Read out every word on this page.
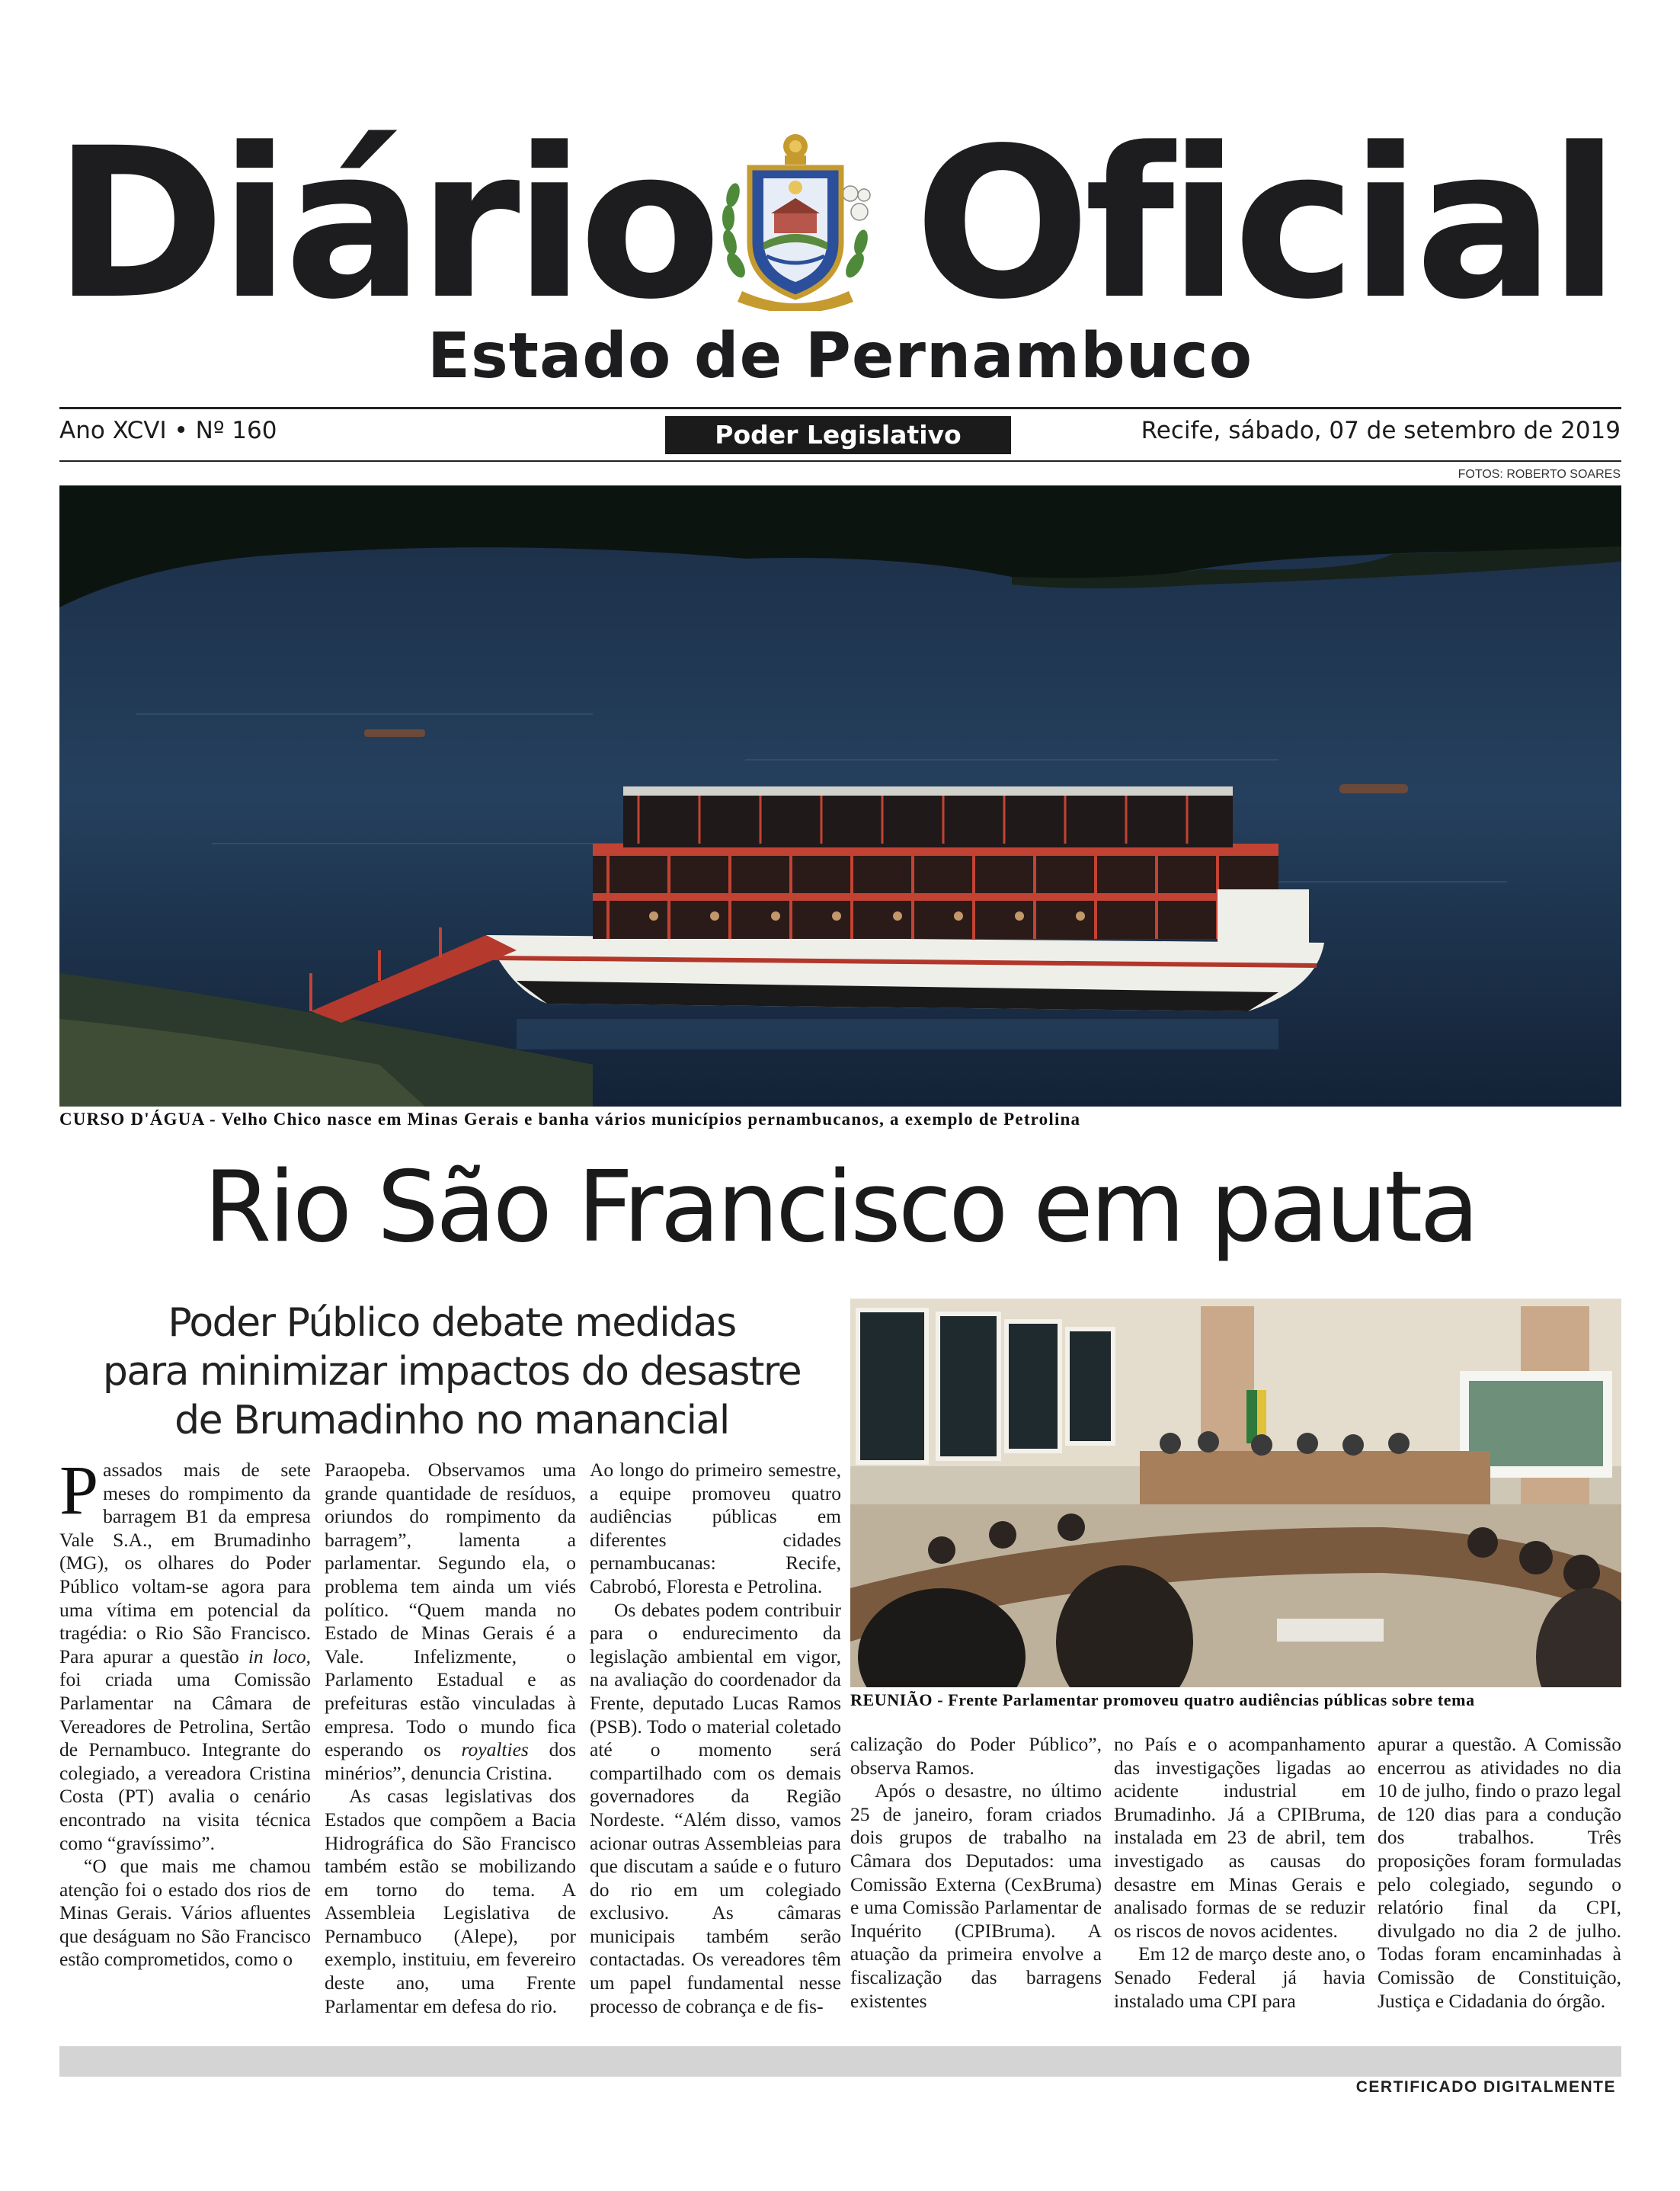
Diário Oficial
Estado de Pernambuco
Ano XCVI • Nº 160	Poder Legislativo	Recife, sábado, 07 de setembro de 2019
FOTOS: ROBERTO SOARES
CURSO D'ÁGUA - Velho Chico nasce em Minas Gerais e banha vários municípios pernambucanos, a exemplo de Petrolina
Rio São Francisco em pauta
Poder Público debate medidas
para minimizar impactos do desastre
de Brumadinho no manancial
REUNIÃO - Frente Parlamentar promoveu quatro audiências públicas sobre tema

Passados mais de sete meses do rompimento da barragem B1 da empresa Vale S.A., em Brumadinho (MG), os olhares do Poder Público voltam-se agora para uma vítima em potencial da tragédia: o Rio São Francisco. Para apurar a questão in loco, foi criada uma Comissão Parlamentar na Câmara de Vereadores de Petrolina, Sertão de Pernambuco. Integrante do colegiado, a vereadora Cristina Costa (PT) avalia o cenário encontrado na visita técnica como “gravíssimo”.

“O que mais me chamou atenção foi o estado dos rios de Minas Gerais. Vários afluentes que deságuam no São Francisco estão comprometidos, como o

Paraopeba. Observamos uma grande quantidade de resíduos, oriundos do rompimento da barragem”, lamenta a parlamentar. Segundo ela, o problema tem ainda um viés político. “Quem manda no Estado de Minas Gerais é a Vale. Infelizmente, o Parlamento Estadual e as prefeituras estão vinculadas à empresa. Todo o mundo fica esperando os royalties dos minérios”, denuncia Cristina.

As casas legislativas dos Estados que compõem a Bacia Hidrográfica do São Francisco também estão se mobilizando em torno do tema. A Assembleia Legislativa de Pernambuco (Alepe), por exemplo, instituiu, em fevereiro deste ano, uma Frente Parlamentar em defesa do rio.

Ao longo do primeiro semestre, a equipe promoveu quatro audiências públicas em diferentes cidades pernambucanas: Recife, Cabrobó, Floresta e Petrolina.

Os debates podem contribuir para o endurecimento da legislação ambiental em vigor, na avaliação do coordenador da Frente, deputado Lucas Ramos (PSB). Todo o material coletado até o momento será compartilhado com os demais governadores da Região Nordeste. “Além disso, vamos acionar outras Assembleias para que discutam a saúde e o futuro do rio em um colegiado exclusivo. As câmaras municipais também serão contactadas. Os vereadores têm um papel fundamental nesse processo de cobrança e de fis-

calização do Poder Público”, observa Ramos.

Após o desastre, no último 25 de janeiro, foram criados dois grupos de trabalho na Câmara dos Deputados: uma Comissão Externa (CexBruma) e uma Comissão Parlamentar de Inquérito (CPIBruma). A atuação da primeira envolve a fiscalização das barragens existentes

no País e o acompanhamento das investigações ligadas ao acidente industrial em Brumadinho. Já a CPIBruma, instalada em 23 de abril, tem investigado as causas do desastre em Minas Gerais e analisado formas de se reduzir os riscos de novos acidentes.

Em 12 de março deste ano, o Senado Federal já havia instalado uma CPI para

apurar a questão. A Comissão encerrou as atividades no dia 10 de julho, findo o prazo legal de 120 dias para a condução dos trabalhos. Três proposições foram formuladas pelo colegiado, segundo o relatório final da CPI, divulgado no dia 2 de julho. Todas foram encaminhadas à Comissão de Constituição, Justiça e Cidadania do órgão.

CERTIFICADO DIGITALMENTE
